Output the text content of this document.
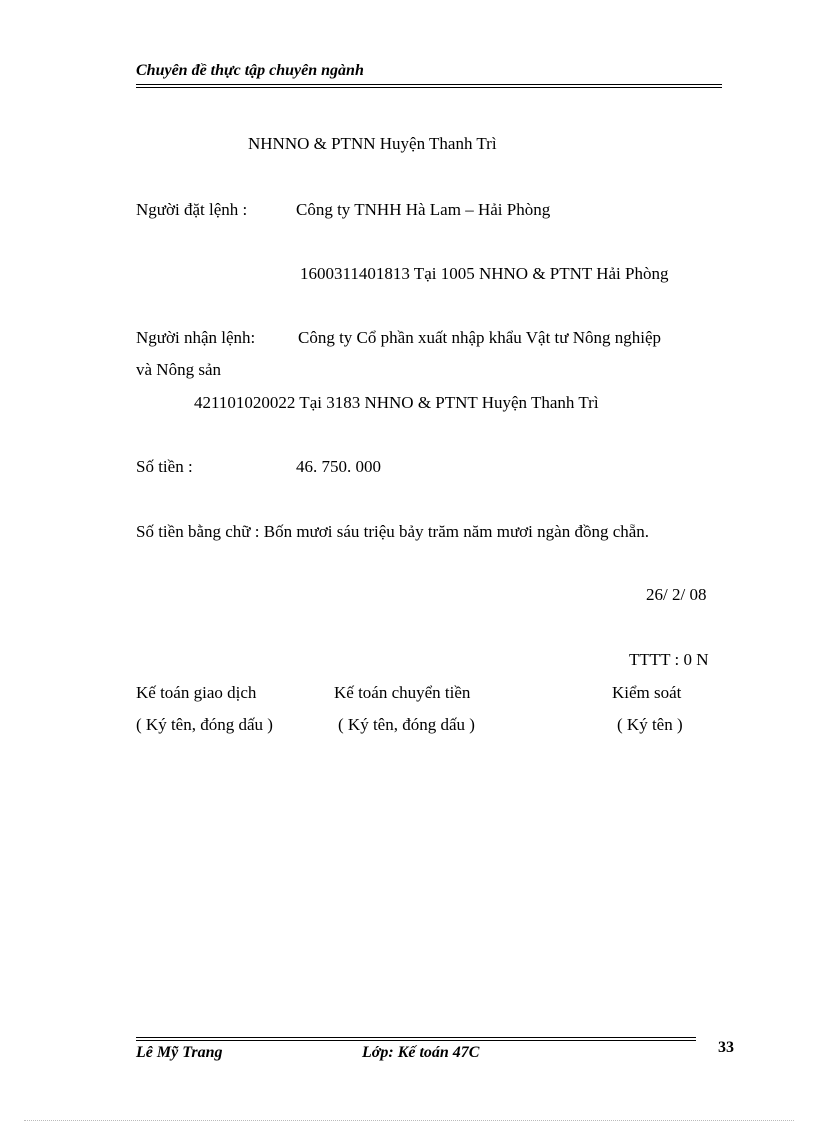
Chuyên đề thực tập chuyên ngành
NHNNO & PTNN Huyện Thanh Trì
Người đặt lệnh :	Công ty TNHH Hà Lam – Hải Phòng
1600311401813 Tại 1005 NHNO & PTNT Hải Phòng
Người nhận lệnh:	Công ty Cổ phần xuất nhập khẩu Vật tư Nông nghiệp
và Nông sản
421101020022 Tại 3183 NHNO & PTNT Huyện Thanh Trì
Số tiền :	46. 750. 000
Số tiền bằng chữ : Bốn mươi sáu triệu bảy trăm năm mươi ngàn đồng chẵn.
26/ 2/ 08
TTTT : 0 N
Kế toán giao dịch	Kế toán chuyển tiền	Kiểm soát
( Ký tên, đóng dấu )	( Ký tên, đóng dấu )	( Ký tên )
Lê Mỹ Trang	Lớp: Kế toán 47C	33
